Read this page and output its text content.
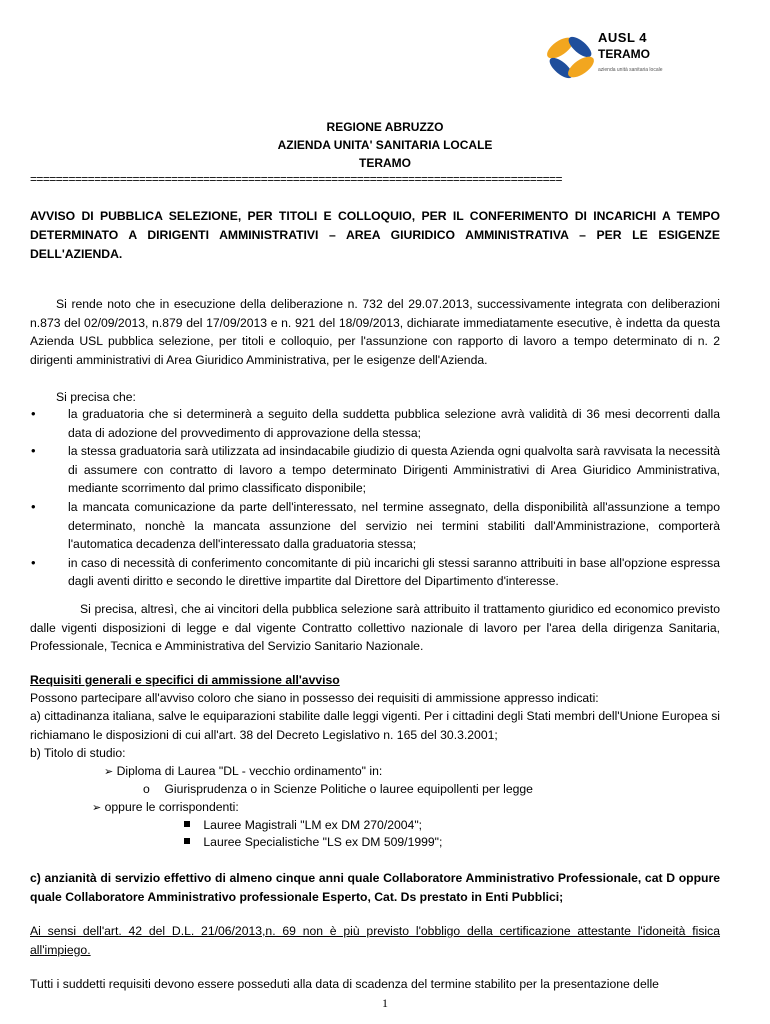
AUSL 4
TERAMO
azienda unità sanitaria locale
REGIONE ABRUZZO
AZIENDA UNITA' SANITARIA LOCALE
TERAMO
===================================================================================
AVVISO DI PUBBLICA SELEZIONE, PER TITOLI E COLLOQUIO, PER IL CONFERIMENTO DI INCARICHI A TEMPO DETERMINATO A DIRIGENTI AMMINISTRATIVI – AREA GIURIDICO AMMINISTRATIVA – PER LE ESIGENZE DELL'AZIENDA.
Si rende noto che in esecuzione della deliberazione n. 732 del 29.07.2013, successivamente integrata con deliberazioni n.873 del 02/09/2013, n.879 del 17/09/2013 e n. 921 del 18/09/2013, dichiarate immediatamente esecutive, è indetta da questa Azienda USL pubblica selezione, per titoli e colloquio, per l'assunzione con rapporto di lavoro a tempo determinato di n. 2 dirigenti amministrativi di Area Giuridico Amministrativa, per le esigenze dell'Azienda.
Si precisa che:
• la graduatoria che si determinerà a seguito della suddetta pubblica selezione avrà validità di 36 mesi decorrenti dalla data di adozione del provvedimento di approvazione della stessa;
• la stessa graduatoria sarà utilizzata ad insindacabile giudizio di questa Azienda ogni qualvolta sarà ravvisata la necessità di assumere con contratto di lavoro a tempo determinato Dirigenti Amministrativi di Area Giuridico Amministrativa, mediante scorrimento dal primo classificato disponibile;
• la mancata comunicazione da parte dell'interessato, nel termine assegnato, della disponibilità all'assunzione a tempo determinato, nonchè la mancata assunzione del servizio nei termini stabiliti dall'Amministrazione, comporterà l'automatica decadenza dell'interessato dalla graduatoria stessa;
• in caso di necessità di conferimento concomitante di più incarichi gli stessi saranno attribuiti in base all'opzione espressa dagli aventi diritto e secondo le direttive impartite dal Direttore del Dipartimento d'interesse.
Si precisa, altresì, che ai vincitori della pubblica selezione sarà attribuito il trattamento giuridico ed economico previsto dalle vigenti disposizioni di legge e dal vigente Contratto collettivo nazionale di lavoro per l'area della dirigenza Sanitaria, Professionale, Tecnica e Amministrativa del Servizio Sanitario Nazionale.
Requisiti generali e specifici di ammissione all'avviso
Possono partecipare all'avviso coloro che siano in possesso dei requisiti di ammissione appresso indicati:
a) cittadinanza italiana, salve le equiparazioni stabilite dalle leggi vigenti. Per i cittadini degli Stati membri dell'Unione Europea si richiamano le disposizioni di cui all'art. 38 del Decreto Legislativo n. 165 del 30.3.2001;
b) Titolo di studio:
➢ Diploma di Laurea "DL - vecchio ordinamento" in:
o Giurisprudenza o in Scienze Politiche o lauree equipollenti per legge
➢ oppure le corrispondenti:
Lauree Magistrali "LM ex DM 270/2004";
Lauree Specialistiche "LS ex DM 509/1999";
c) anzianità di servizio effettivo di almeno cinque anni quale Collaboratore Amministrativo Professionale, cat D oppure quale Collaboratore Amministrativo professionale Esperto, Cat. Ds prestato in Enti Pubblici;
Ai sensi dell'art. 42 del D.L. 21/06/2013,n. 69 non è più previsto l'obbligo della certificazione attestante l'idoneità fisica all'impiego.
Tutti i suddetti requisiti devono essere posseduti alla data di scadenza del termine stabilito per la presentazione delle
1
